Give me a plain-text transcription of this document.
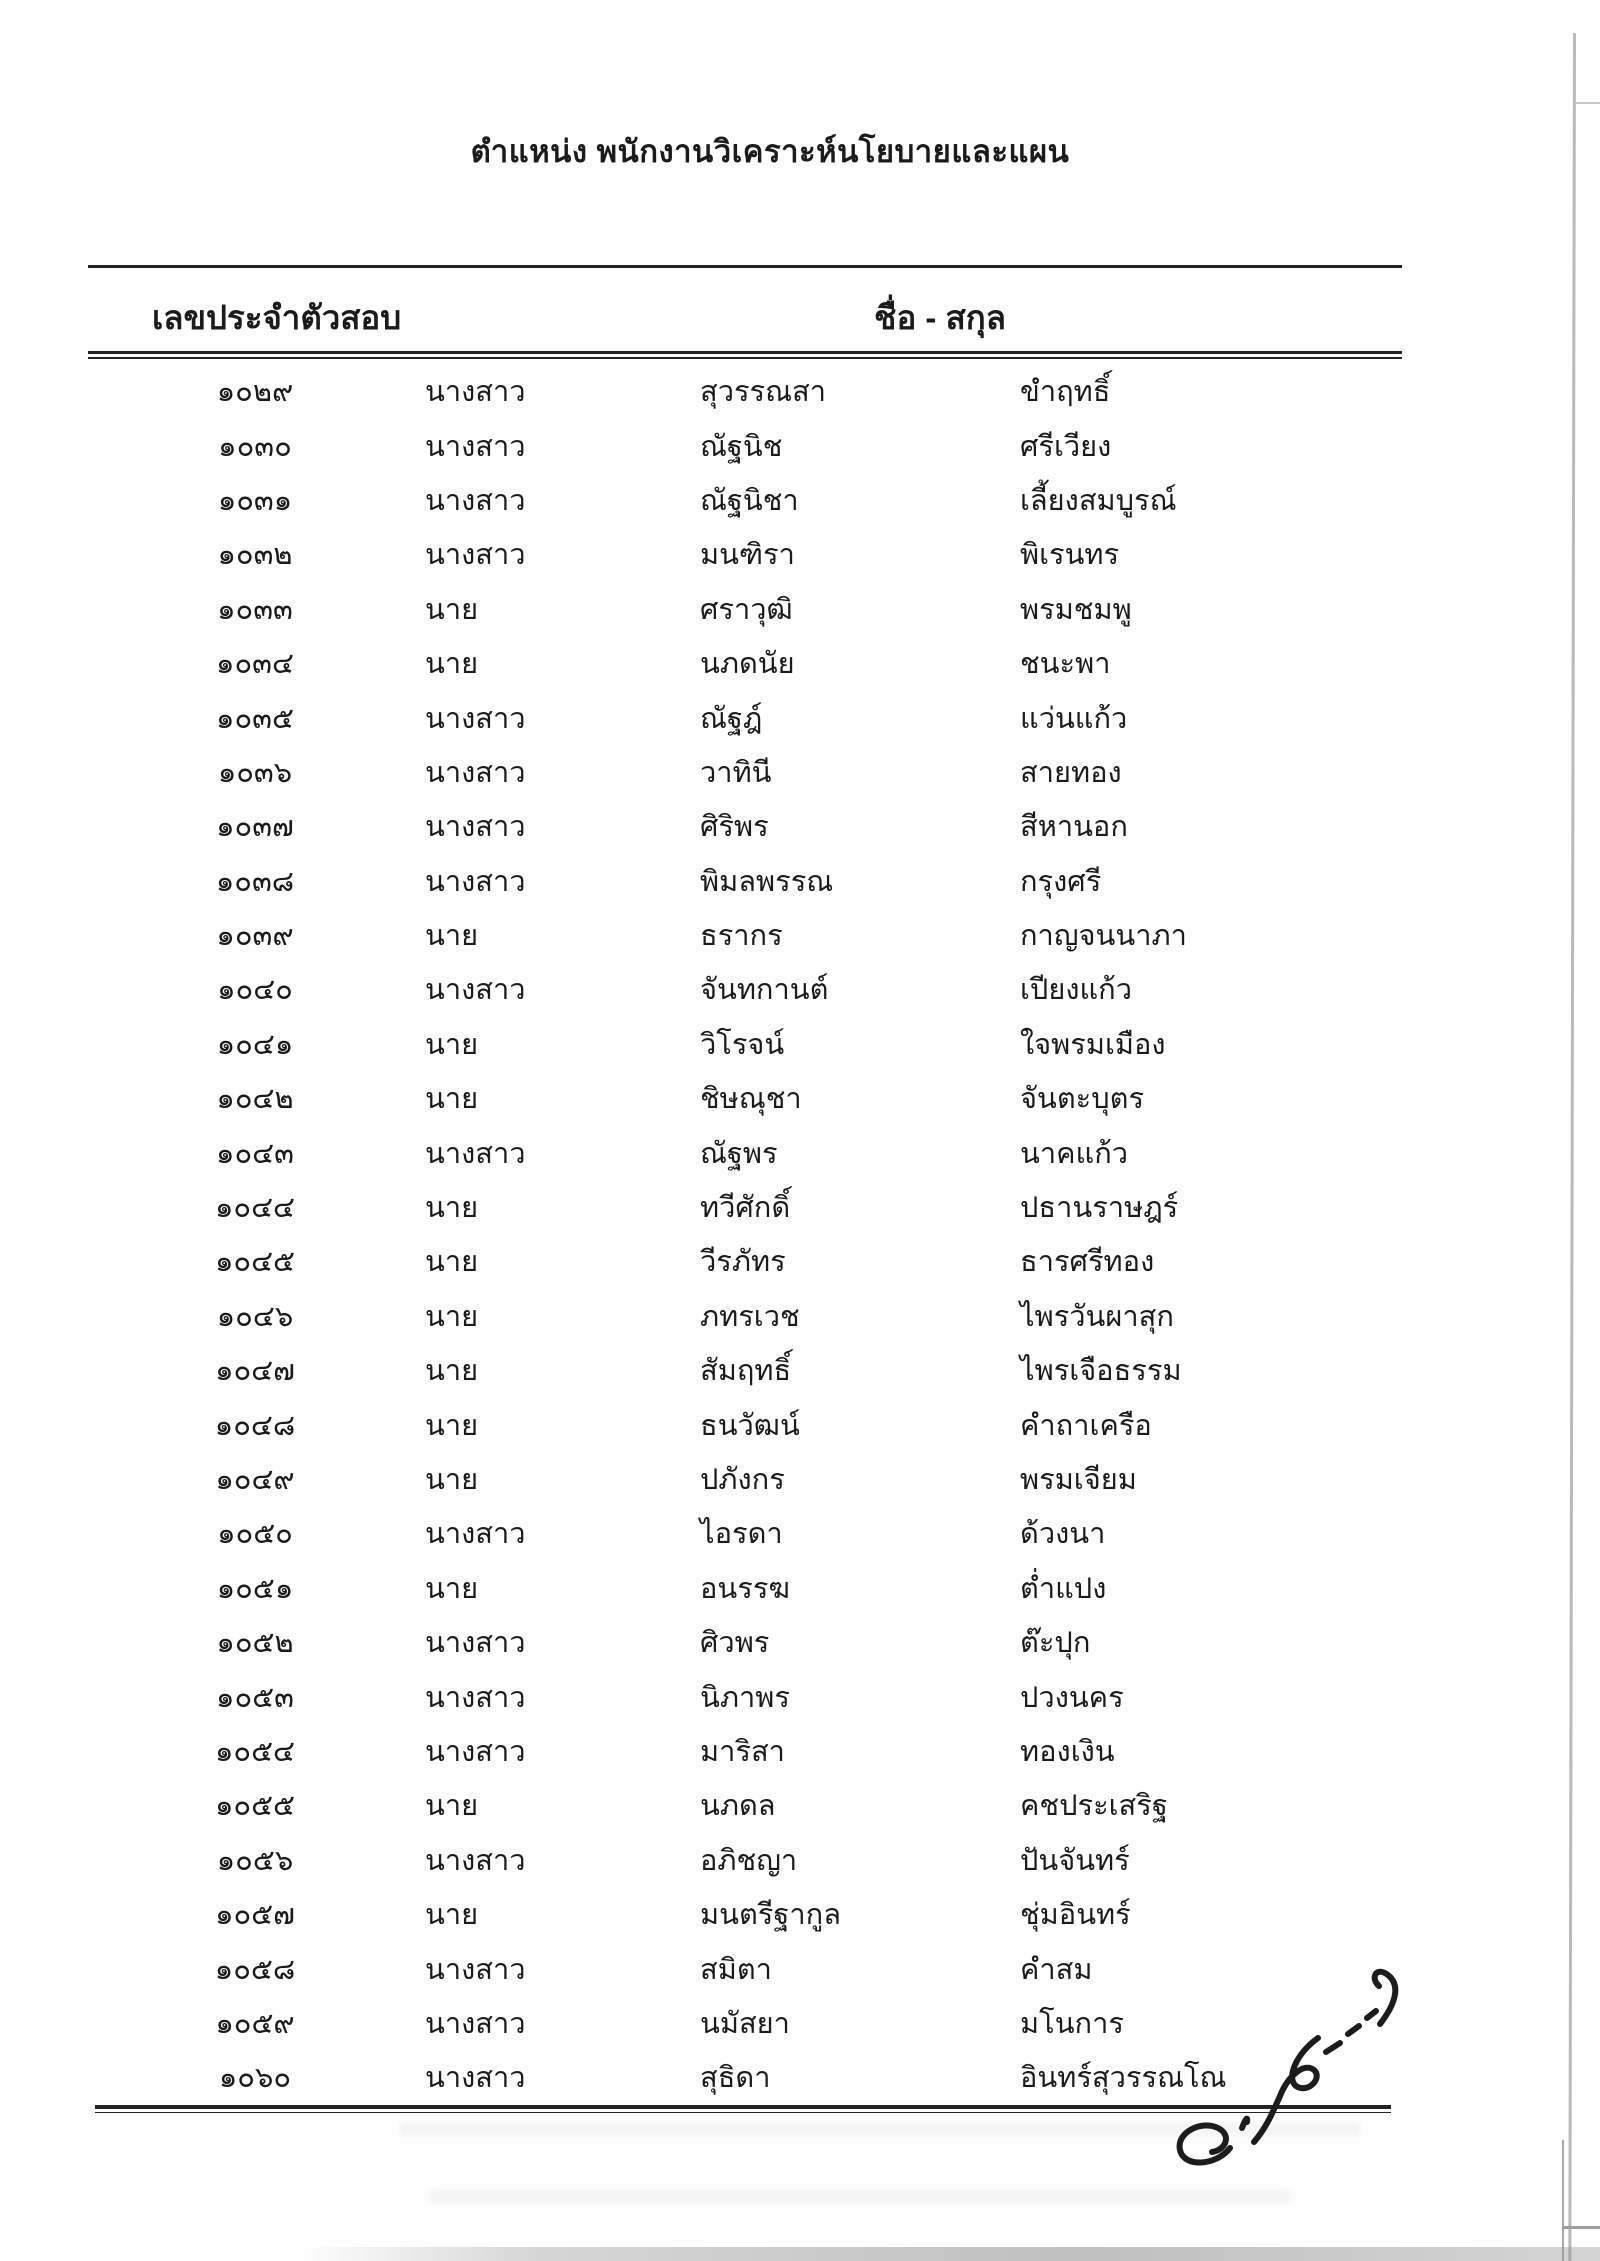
ตำแหน่ง พนักงานวิเคราะห์นโยบายและแผน
เลขประจำตัวสอบ	ชื่อ - สกุล
๑๐๒๙	นางสาว	สุวรรณสา	ขำฤทธิ์
๑๐๓๐	นางสาว	ณัฐนิช	ศรีเวียง
๑๐๓๑	นางสาว	ณัฐนิชา	เลี้ยงสมบูรณ์
๑๐๓๒	นางสาว	มนฑิรา	พิเรนทร
๑๐๓๓	นาย	ศราวุฒิ	พรมชมพู
๑๐๓๔	นาย	นภดนัย	ชนะพา
๑๐๓๕	นางสาว	ณัฐฎ์	แว่นแก้ว
๑๐๓๖	นางสาว	วาทินี	สายทอง
๑๐๓๗	นางสาว	ศิริพร	สีหานอก
๑๐๓๘	นางสาว	พิมลพรรณ	กรุงศรี
๑๐๓๙	นาย	ธรากร	กาญจนนาภา
๑๐๔๐	นางสาว	จันทกานต์	เปียงแก้ว
๑๐๔๑	นาย	วิโรจน์	ใจพรมเมือง
๑๐๔๒	นาย	ชิษณุชา	จันตะบุตร
๑๐๔๓	นางสาว	ณัฐพร	นาคแก้ว
๑๐๔๔	นาย	ทวีศักดิ์	ปธานราษฎร์
๑๐๔๕	นาย	วีรภัทร	ธารศรีทอง
๑๐๔๖	นาย	ภทรเวช	ไพรวันผาสุก
๑๐๔๗	นาย	สัมฤทธิ์	ไพรเจือธรรม
๑๐๔๘	นาย	ธนวัฒน์	คำถาเครือ
๑๐๔๙	นาย	ปภังกร	พรมเจียม
๑๐๕๐	นางสาว	ไอรดา	ด้วงนา
๑๐๕๑	นาย	อนรรฆ	ต่ำแปง
๑๐๕๒	นางสาว	ศิวพร	ต๊ะปุก
๑๐๕๓	นางสาว	นิภาพร	ปวงนคร
๑๐๕๔	นางสาว	มาริสา	ทองเงิน
๑๐๕๕	นาย	นภดล	คชประเสริฐ
๑๐๕๖	นางสาว	อภิชญา	ปันจันทร์
๑๐๕๗	นาย	มนตรีฐากูล	ชุ่มอินทร์
๑๐๕๘	นางสาว	สมิตา	คำสม
๑๐๕๙	นางสาว	นมัสยา	มโนการ
๑๐๖๐	นางสาว	สุธิดา	อินทร์สุวรรณโณ
